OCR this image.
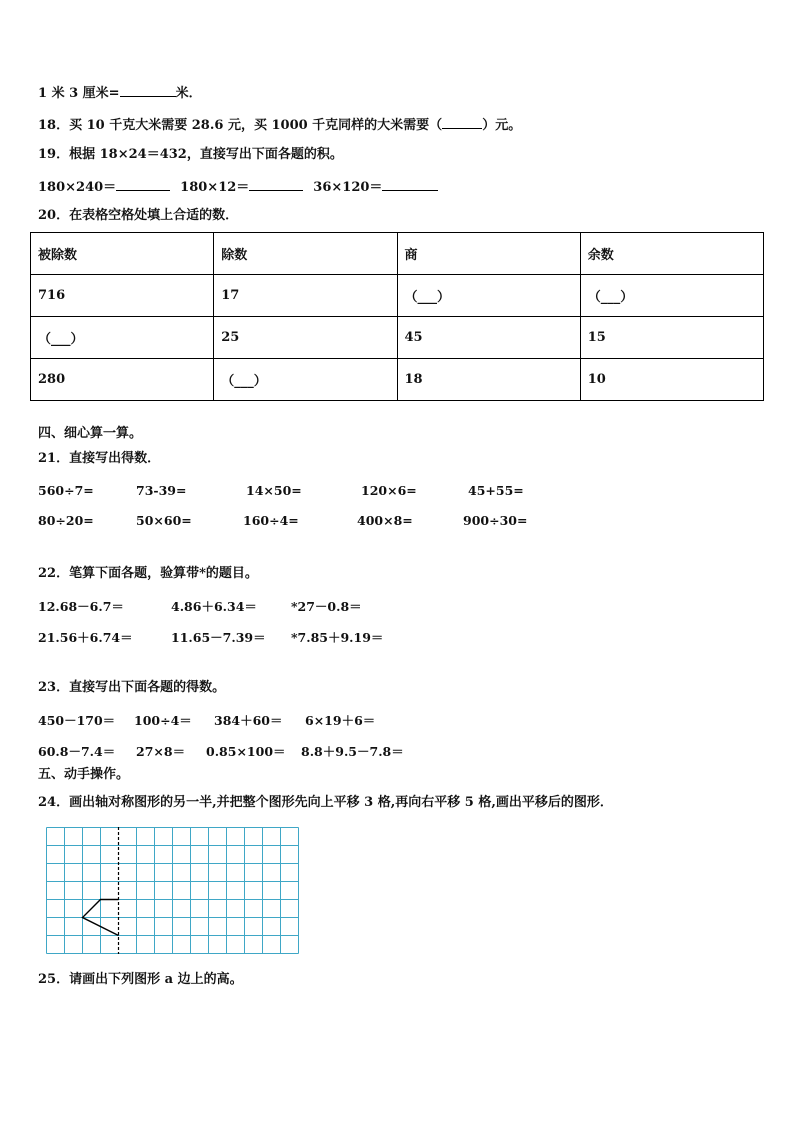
1 米 3 厘米=	米．
18．买 10 千克大米需要 28.6 元，买 1000 千克同样的大米需要（	）元。
19．根据 18×24＝432，直接写出下面各题的积。
180×240＝	180×12＝	36×120＝
20．在表格空格处填上合适的数．
被除数	除数	商	余数
716	17	（___）	（___）
（___）	25	45	15
280	（___）	18	10
四、细心算一算。
21．直接写出得数．
560÷7=	73-39=	14×50=	120×6=	45+55=
80÷20=	50×60=	160÷4=	400×8=	900÷30=
22．笔算下面各题，验算带*的题目。
12.68－6.7＝	4.86＋6.34＝	*27－0.8＝
21.56＋6.74＝	11.65－7.39＝ *7.85＋9.19＝
23．直接写出下面各题的得数。
450－170＝ 100÷4＝ 384＋60＝ 6×19＋6＝
60.8－7.4＝ 27×8＝ 0.85×100＝ 8.8＋9.5－7.8＝
五、动手操作。
24．画出轴对称图形的另一半,并把整个图形先向上平移 3 格,再向右平移 5 格,画出平移后的图形．
25．请画出下列图形 a 边上的高。
